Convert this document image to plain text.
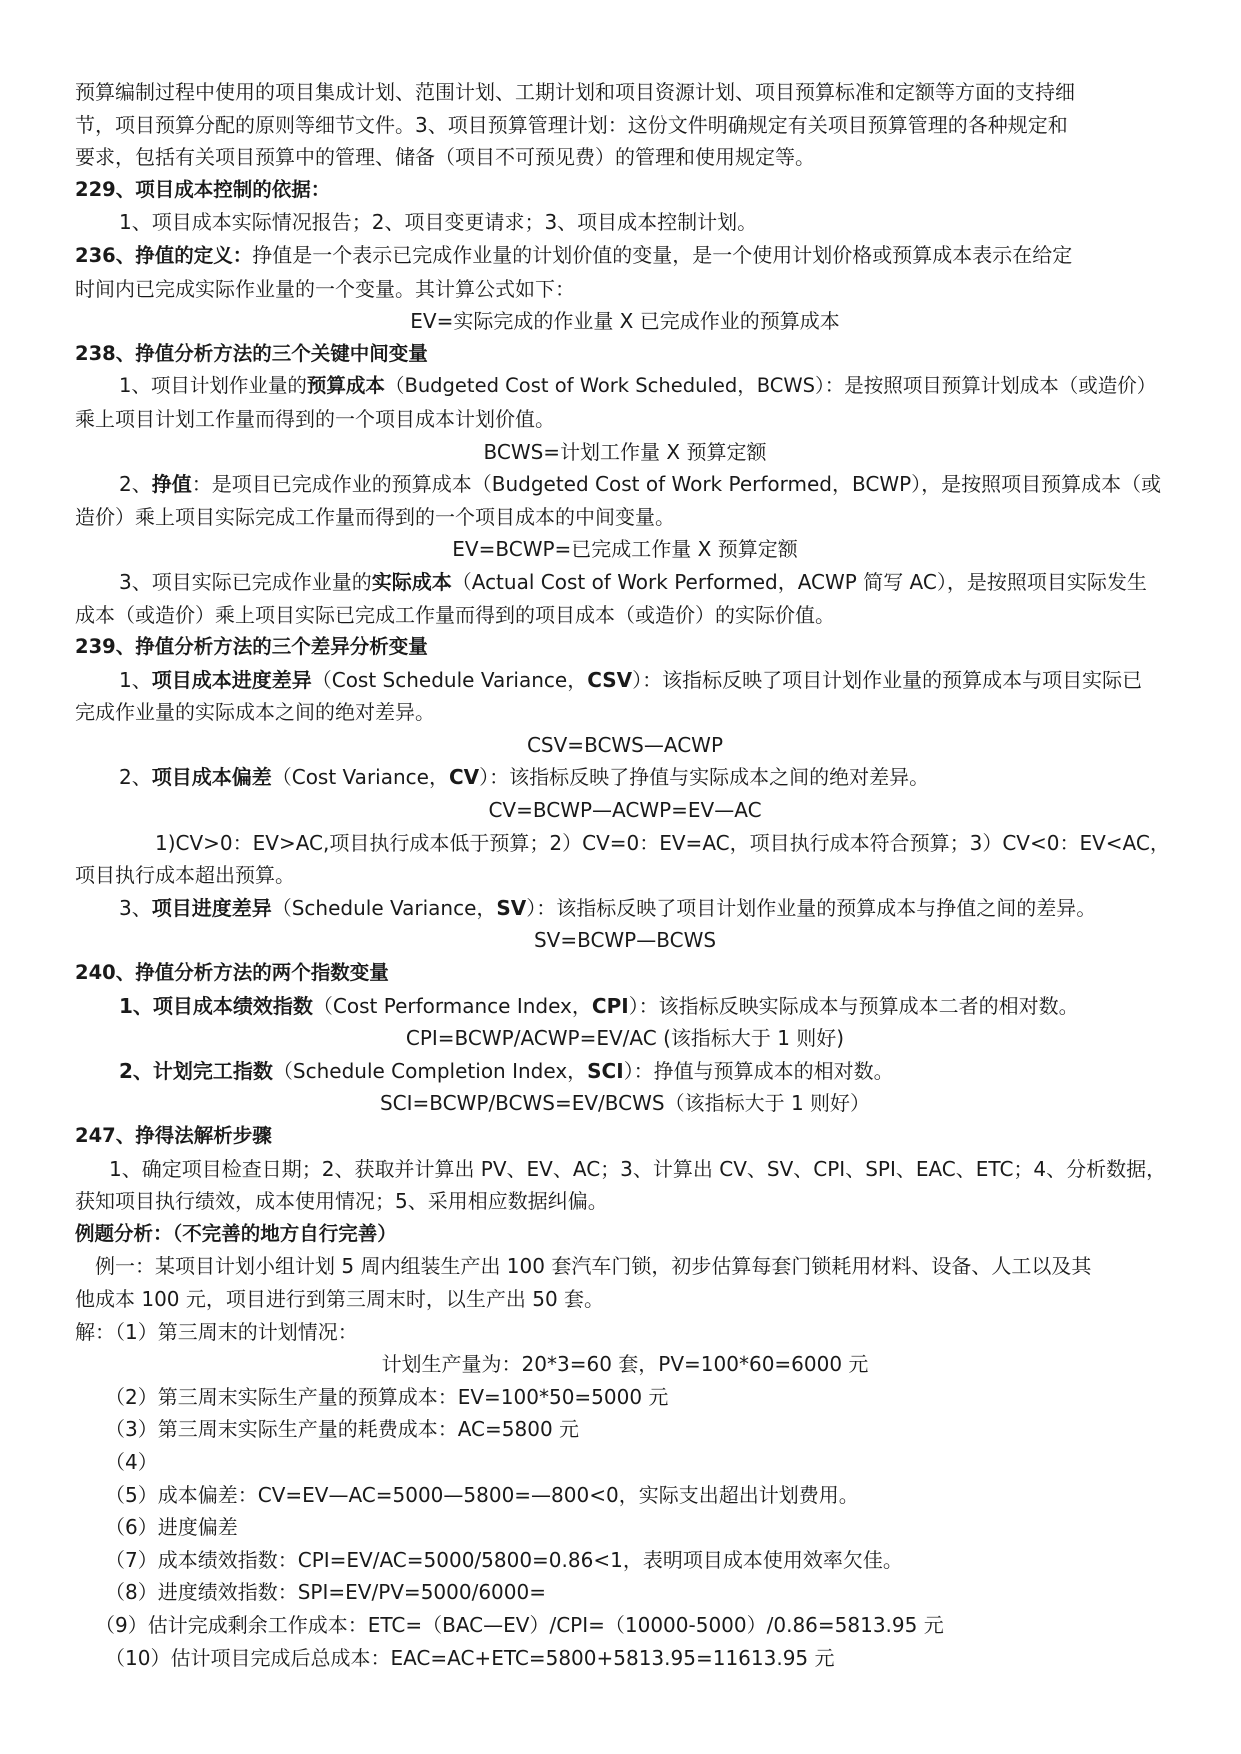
预算编制过程中使用的项目集成计划、范围计划、工期计划和项目资源计划、项目预算标准和定额等方面的支持细
节，项目预算分配的原则等细节文件。3、项目预算管理计划：这份文件明确规定有关项目预算管理的各种规定和
要求，包括有关项目预算中的管理、储备（项目不可预见费）的管理和使用规定等。
229、项目成本控制的依据：
1、项目成本实际情况报告；2、项目变更请求；3、项目成本控制计划。
236、挣值的定义：挣值是一个表示已完成作业量的计划价值的变量，是一个使用计划价格或预算成本表示在给定
时间内已完成实际作业量的一个变量。其计算公式如下：
EV=实际完成的作业量 X 已完成作业的预算成本
238、挣值分析方法的三个关键中间变量
1、项目计划作业量的预算成本（Budgeted Cost of Work Scheduled，BCWS）：是按照项目预算计划成本（或造价）
乘上项目计划工作量而得到的一个项目成本计划价值。
BCWS=计划工作量 X 预算定额
2、挣值：是项目已完成作业的预算成本（Budgeted Cost of Work Performed，BCWP），是按照项目预算成本（或
造价）乘上项目实际完成工作量而得到的一个项目成本的中间变量。
EV=BCWP=已完成工作量 X 预算定额
3、项目实际已完成作业量的实际成本（Actual Cost of Work Performed，ACWP 简写 AC），是按照项目实际发生
成本（或造价）乘上项目实际已完成工作量而得到的项目成本（或造价）的实际价值。
239、挣值分析方法的三个差异分析变量
1、项目成本进度差异（Cost Schedule Variance，CSV）：该指标反映了项目计划作业量的预算成本与项目实际已
完成作业量的实际成本之间的绝对差异。
CSV=BCWS—ACWP
2、项目成本偏差（Cost Variance，CV）：该指标反映了挣值与实际成本之间的绝对差异。
CV=BCWP—ACWP=EV—AC
1)CV>0：EV>AC,项目执行成本低于预算；2）CV=0：EV=AC，项目执行成本符合预算；3）CV<0：EV<AC，
项目执行成本超出预算。
3、项目进度差异（Schedule Variance，SV）：该指标反映了项目计划作业量的预算成本与挣值之间的差异。
SV=BCWP—BCWS
240、挣值分析方法的两个指数变量
1、项目成本绩效指数（Cost Performance Index，CPI）：该指标反映实际成本与预算成本二者的相对数。
CPI=BCWP/ACWP=EV/AC (该指标大于 1 则好)
2、计划完工指数（Schedule Completion Index，SCI）：挣值与预算成本的相对数。
SCI=BCWP/BCWS=EV/BCWS（该指标大于 1 则好）
247、挣得法解析步骤
1、确定项目检查日期；2、获取并计算出 PV、EV、AC；3、计算出 CV、SV、CPI、SPI、EAC、ETC；4、分析数据，
获知项目执行绩效，成本使用情况；5、采用相应数据纠偏。
例题分析：（不完善的地方自行完善）
例一：某项目计划小组计划 5 周内组装生产出 100 套汽车门锁，初步估算每套门锁耗用材料、设备、人工以及其
他成本 100 元，项目进行到第三周末时，以生产出 50 套。
解：（1）第三周末的计划情况：
计划生产量为：20*3=60 套，PV=100*60=6000 元
（2）第三周末实际生产量的预算成本：EV=100*50=5000 元
（3）第三周末实际生产量的耗费成本：AC=5800 元
（4）
（5）成本偏差：CV=EV—AC=5000—5800=—800<0，实际支出超出计划费用。
（6）进度偏差
（7）成本绩效指数：CPI=EV/AC=5000/5800=0.86<1，表明项目成本使用效率欠佳。
（8）进度绩效指数：SPI=EV/PV=5000/6000=
（9）估计完成剩余工作成本：ETC=（BAC—EV）/CPI=（10000-5000）/0.86=5813.95 元
（10）估计项目完成后总成本：EAC=AC+ETC=5800+5813.95=11613.95 元
